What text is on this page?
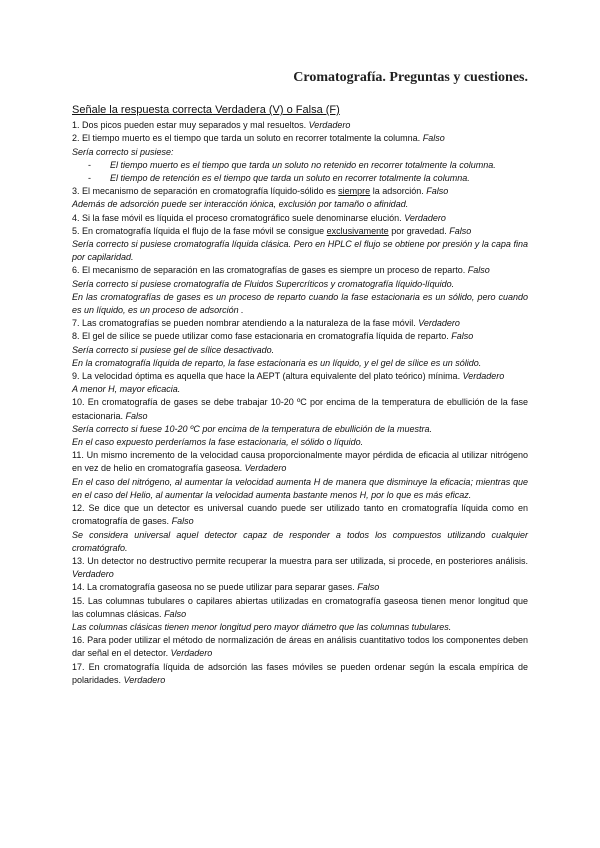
Cromatografía. Preguntas y cuestiones.
Señale la respuesta correcta Verdadera (V) o Falsa (F)

1. Dos picos pueden estar muy separados y mal resueltos. Verdadero

2. El tiempo muerto es el tiempo que tarda un soluto en recorrer totalmente la columna. Falso

Sería correcto si pusiese:

- El tiempo muerto es el tiempo que tarda un soluto no retenido en recorrer totalmente la columna.
- El tiempo de retención es el tiempo que tarda un soluto en recorrer totalmente la columna.

3. El mecanismo de separación en cromatografía líquido-sólido es siempre la adsorción. Falso

Además de adsorción puede ser interacción iónica, exclusión por tamaño o afinidad.

4. Si la fase móvil es líquida el proceso cromatográfico suele denominarse elución. Verdadero

5. En cromatografía líquida el flujo de la fase móvil se consigue exclusivamente por gravedad. Falso

Sería correcto si pusiese cromatografía líquida clásica. Pero en HPLC el flujo se obtiene por presión y la capa fina por capilaridad.

6. El mecanismo de separación en las cromatografías de gases es siempre un proceso de reparto. Falso

Sería correcto si pusiese cromatografía de Fluidos Supercríticos y cromatografía líquido-líquido.

En las cromatografías de gases es un proceso de reparto cuando la fase estacionaria es un sólido, pero cuando es un líquido, es un proceso de adsorción .

7. Las cromatografías se pueden nombrar atendiendo a la naturaleza de la fase móvil. Verdadero

8. El gel de sílice se puede utilizar como fase estacionaria en cromatografía líquida de reparto. Falso

Sería correcto si pusiese gel de sílice desactivado.

En la cromatografía líquida de reparto, la fase estacionaria es un líquido, y el gel de sílice es un sólido.

9. La velocidad óptima es aquella que hace la AEPT (altura equivalente del plato teórico) mínima. Verdadero

A menor H, mayor eficacia.

10. En cromatografía de gases se debe trabajar 10-20 ºC por encima de la temperatura de ebullición de la fase estacionaria. Falso

Sería correcto si fuese 10-20 ºC por encima de la temperatura de ebullición de la muestra.

En el caso expuesto perderíamos la fase estacionaria, el sólido o líquido.

11. Un mismo incremento de la velocidad causa proporcionalmente mayor pérdida de eficacia al utilizar nitrógeno en vez de helio en cromatografía gaseosa. Verdadero

En el caso del nitrógeno, al aumentar la velocidad aumenta H de manera que disminuye la eficacia; mientras que en el caso del Helio, al aumentar la velocidad aumenta bastante menos H, por lo que es más eficaz.

12. Se dice que un detector es universal cuando puede ser utilizado tanto en cromatografía líquida como en cromatografía de gases. Falso

Se considera universal aquel detector capaz de responder a todos los compuestos utilizando cualquier cromatógrafo.

13. Un detector no destructivo permite recuperar la muestra para ser utilizada, si procede, en posteriores análisis. Verdadero

14. La cromatografía gaseosa no se puede utilizar para separar gases. Falso

15. Las columnas tubulares o capilares abiertas utilizadas en cromatografía gaseosa tienen menor longitud que las columnas clásicas. Falso

Las columnas clásicas tienen menor longitud pero mayor diámetro que las columnas tubulares.

16. Para poder utilizar el método de normalización de áreas en análisis cuantitativo todos los componentes deben dar señal en el detector. Verdadero

17. En cromatografía líquida de adsorción las fases móviles se pueden ordenar según la escala empírica de polaridades. Verdadero
